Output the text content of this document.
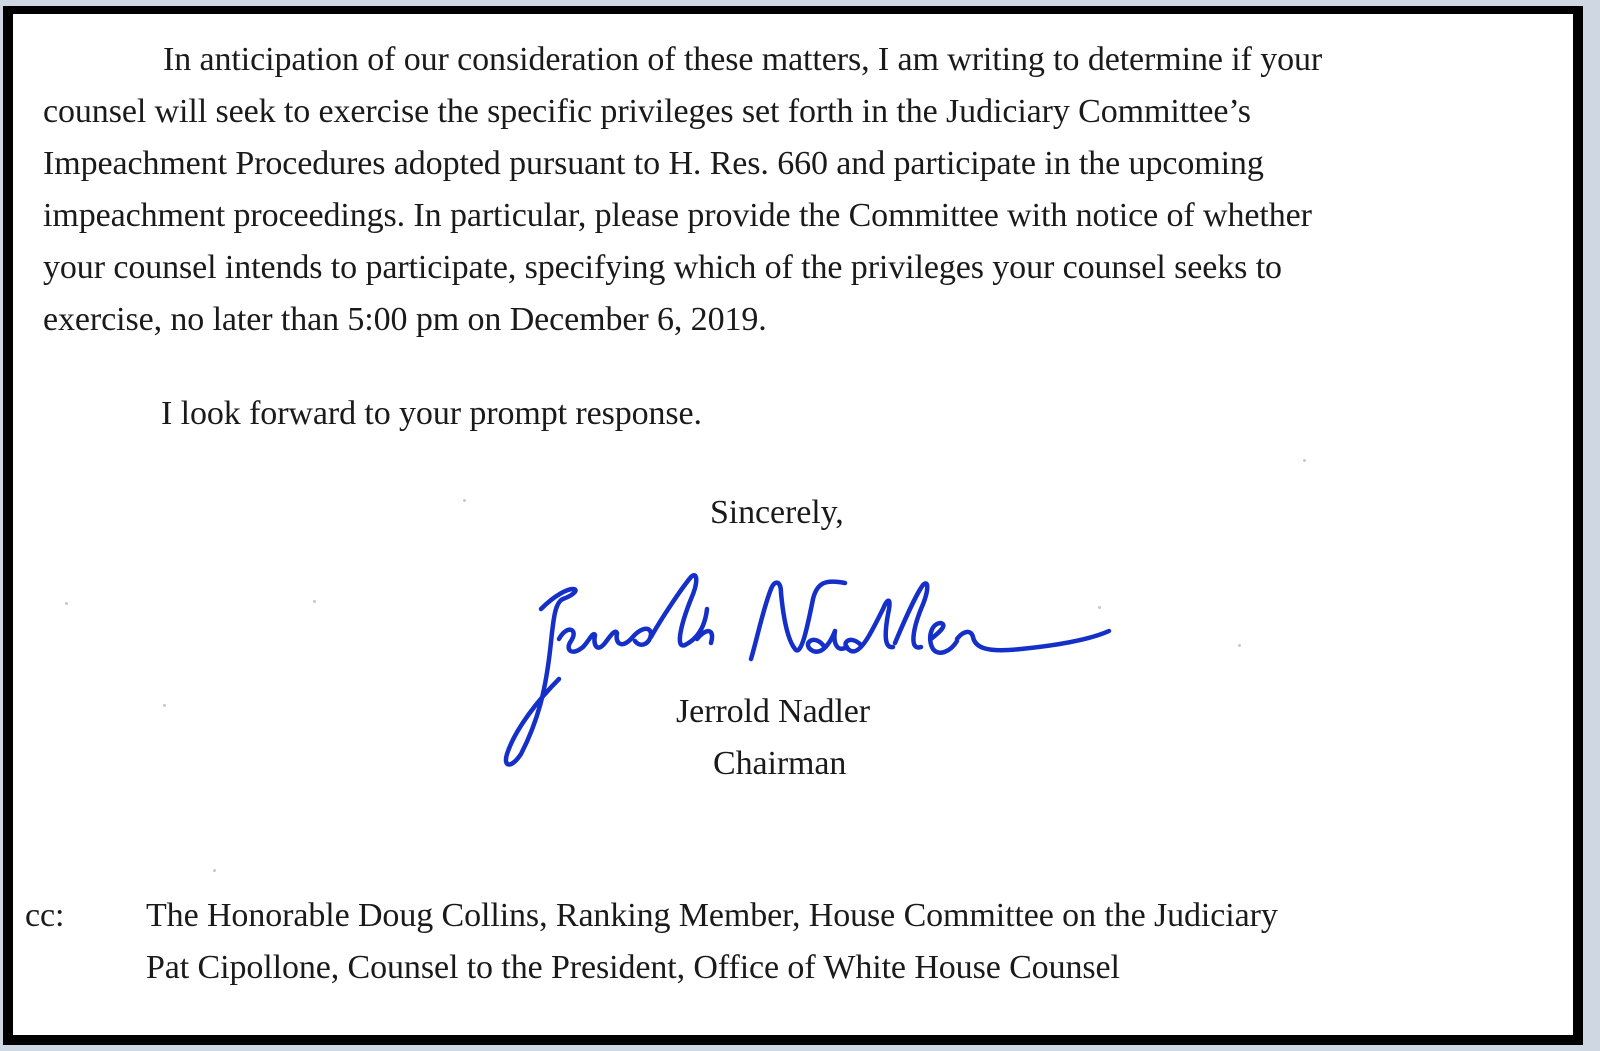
In anticipation of our consideration of these matters, I am writing to determine if your
counsel will seek to exercise the specific privileges set forth in the Judiciary Committee’s
Impeachment Procedures adopted pursuant to H. Res. 660 and participate in the upcoming
impeachment proceedings. In particular, please provide the Committee with notice of whether
your counsel intends to participate, specifying which of the privileges your counsel seeks to
exercise, no later than 5:00 pm on December 6, 2019.
I look forward to your prompt response.
Sincerely,
Jerrold Nadler
Chairman
cc: The Honorable Doug Collins, Ranking Member, House Committee on the Judiciary
Pat Cipollone, Counsel to the President, Office of White House Counsel
